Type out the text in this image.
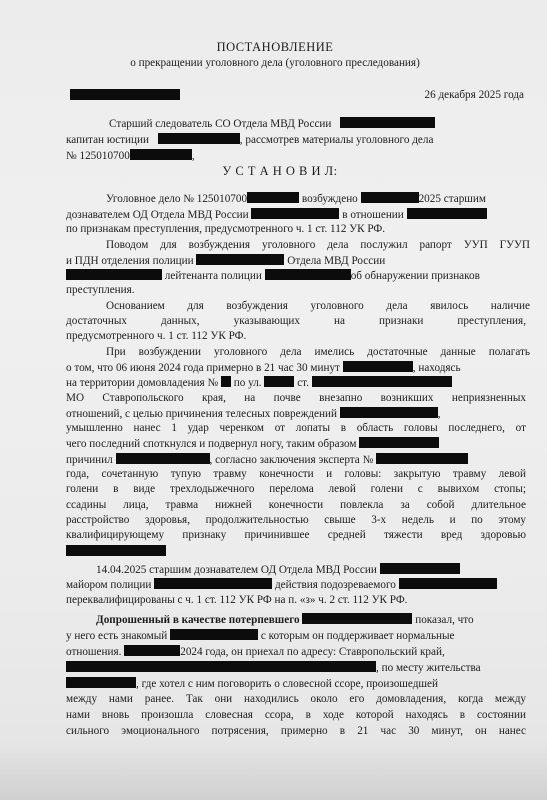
ПОСТАНОВЛЕНИЕ
о прекращении уголовного дела (уголовного преследования)
26 декабря 2025 года
Старший следователь СО Отдела МВД России
капитан юстиции	, рассмотрев материалы уголовного дела
№ 125010700	,
У С Т А Н О В И Л:
Уголовное дело № 125010700	возбуждено	2025 старшим
дознавателем ОД Отдела МВД России	в отношении
по признакам преступления, предусмотренного ч. 1 ст. 112 УК РФ.
Поводом для возбуждения уголовного дела послужил рапорт УУП ГУУП
и ПДН отделения полиции	Отдела МВД России
лейтенанта полиции	об обнаружении признаков
преступления.
Основанием для возбуждения уголовного дела явилось наличие
достаточных данных, указывающих на признаки преступления,
предусмотренного ч. 1 ст. 112 УК РФ.
При возбуждении уголовного дела имелись достаточные данные полагать
о том, что 06 июня 2024 года примерно в 21 час 30 минут	, находясь
на территории домовладения № по ул.	ст.
МО Ставропольского края, на почве внезапно возникших неприязненных
отношений, с целью причинения телесных повреждений	,
умышленно нанес 1 удар черенком от лопаты в область головы последнего, от
чего последний споткнулся и подвернул ногу, таким образом
причинил	, согласно заключения эксперта №
года, сочетанную тупую травму конечности и головы: закрытую травму левой
голени в виде трехлодыжечного перелома левой голени с вывихом стопы;
ссадины лица, травма нижней конечности повлекла за собой длительное
расстройство здоровья, продолжительностью свыше 3-х недель и по этому
квалифицирующему признаку причинившее средней тяжести вред здоровью
14.04.2025 старшим дознавателем ОД Отдела МВД России
майором полиции	действия подозреваемого
переквалифицированы с ч. 1 ст. 112 УК РФ на п. «з» ч. 2 ст. 112 УК РФ.
Допрошенный в качестве потерпевшего	показал, что
у него есть знакомый	с которым он поддерживает нормальные
отношения.	2024 года, он приехал по адресу: Ставропольский край,
, по месту жительства
, где хотел с ним поговорить о словесной ссоре, произошедшей
между нами ранее. Так они находились около его домовладения, когда между
нами вновь произошла словесная ссора, в ходе которой находясь в состоянии
сильного эмоционального потрясения, примерно в 21 час 30 минут, он нанес
